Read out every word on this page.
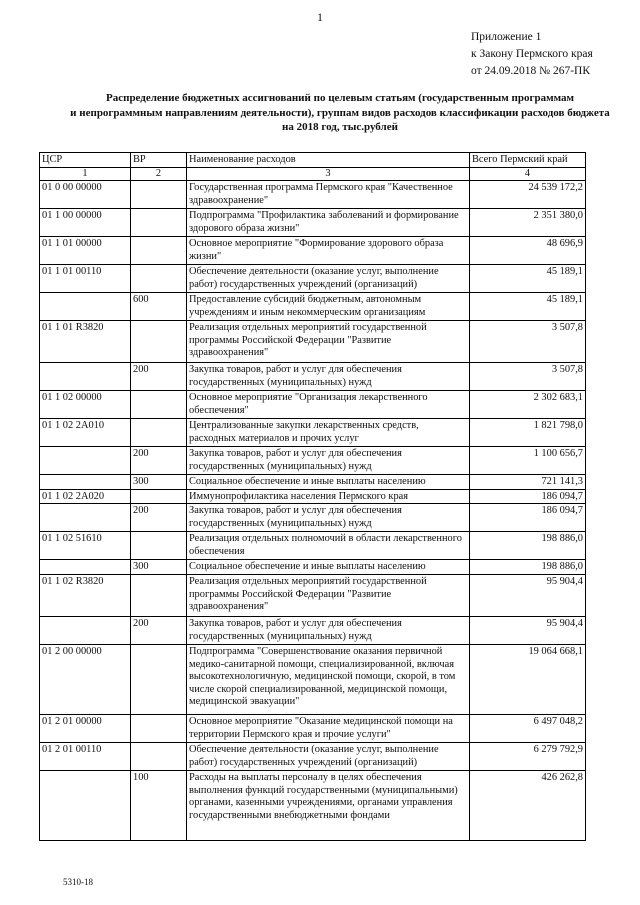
1
Приложение 1
к Закону Пермского края
от 24.09.2018 № 267-ПК
Распределение бюджетных ассигнований по целевым статьям (государственным программам
и непрограммным направлениям деятельности), группам видов расходов классификации расходов бюджета
на 2018 год, тыс.рублей
ЦСР	ВР	Наименование расходов	Всего Пермский край
1	2	3	4
01 0 00 00000		Государственная программа Пермского края "Качественное здравоохранение"	24 539 172,2
01 1 00 00000		Подпрограмма "Профилактика заболеваний и формирование здорового образа жизни"	2 351 380,0
01 1 01 00000		Основное мероприятие "Формирование здорового образа жизни"	48 696,9
01 1 01 00110		Обеспечение деятельности (оказание услуг, выполнение работ) государственных учреждений (организаций)	45 189,1
	600	Предоставление субсидий бюджетным, автономным учреждениям и иным некоммерческим организациям	45 189,1
01 1 01 R3820		Реализация отдельных мероприятий государственной программы Российской Федерации "Развитие здравоохранения"	3 507,8
	200	Закупка товаров, работ и услуг для обеспечения государственных (муниципальных) нужд	3 507,8
01 1 02 00000		Основное мероприятие "Организация лекарственного обеспечения"	2 302 683,1
01 1 02 2А010		Централизованные закупки лекарственных средств, расходных материалов и прочих услуг	1 821 798,0
	200	Закупка товаров, работ и услуг для обеспечения государственных (муниципальных) нужд	1 100 656,7
	300	Социальное обеспечение и иные выплаты населению	721 141,3
01 1 02 2А020		Иммунопрофилактика населения Пермского края	186 094,7
	200	Закупка товаров, работ и услуг для обеспечения государственных (муниципальных) нужд	186 094,7
01 1 02 51610		Реализация отдельных полномочий в области лекарственного обеспечения	198 886,0
	300	Социальное обеспечение и иные выплаты населению	198 886,0
01 1 02 R3820		Реализация отдельных мероприятий государственной программы Российской Федерации "Развитие здравоохранения"	95 904,4
	200	Закупка товаров, работ и услуг для обеспечения государственных (муниципальных) нужд	95 904,4
01 2 00 00000		Подпрограмма "Совершенствование оказания первичной медико-санитарной помощи, специализированной, включая высокотехнологичную, медицинской помощи, скорой, в том числе скорой специализированной, медицинской помощи, медицинской эвакуации"	19 064 668,1
01 2 01 00000		Основное мероприятие "Оказание медицинской помощи на территории Пермского края и прочие услуги"	6 497 048,2
01 2 01 00110		Обеспечение деятельности (оказание услуг, выполнение работ) государственных учреждений (организаций)	6 279 792,9
	100	Расходы на выплаты персоналу в целях обеспечения выполнения функций государственными (муниципальными) органами, казенными учреждениями, органами управления государственными внебюджетными фондами	426 262,8
5310-18
